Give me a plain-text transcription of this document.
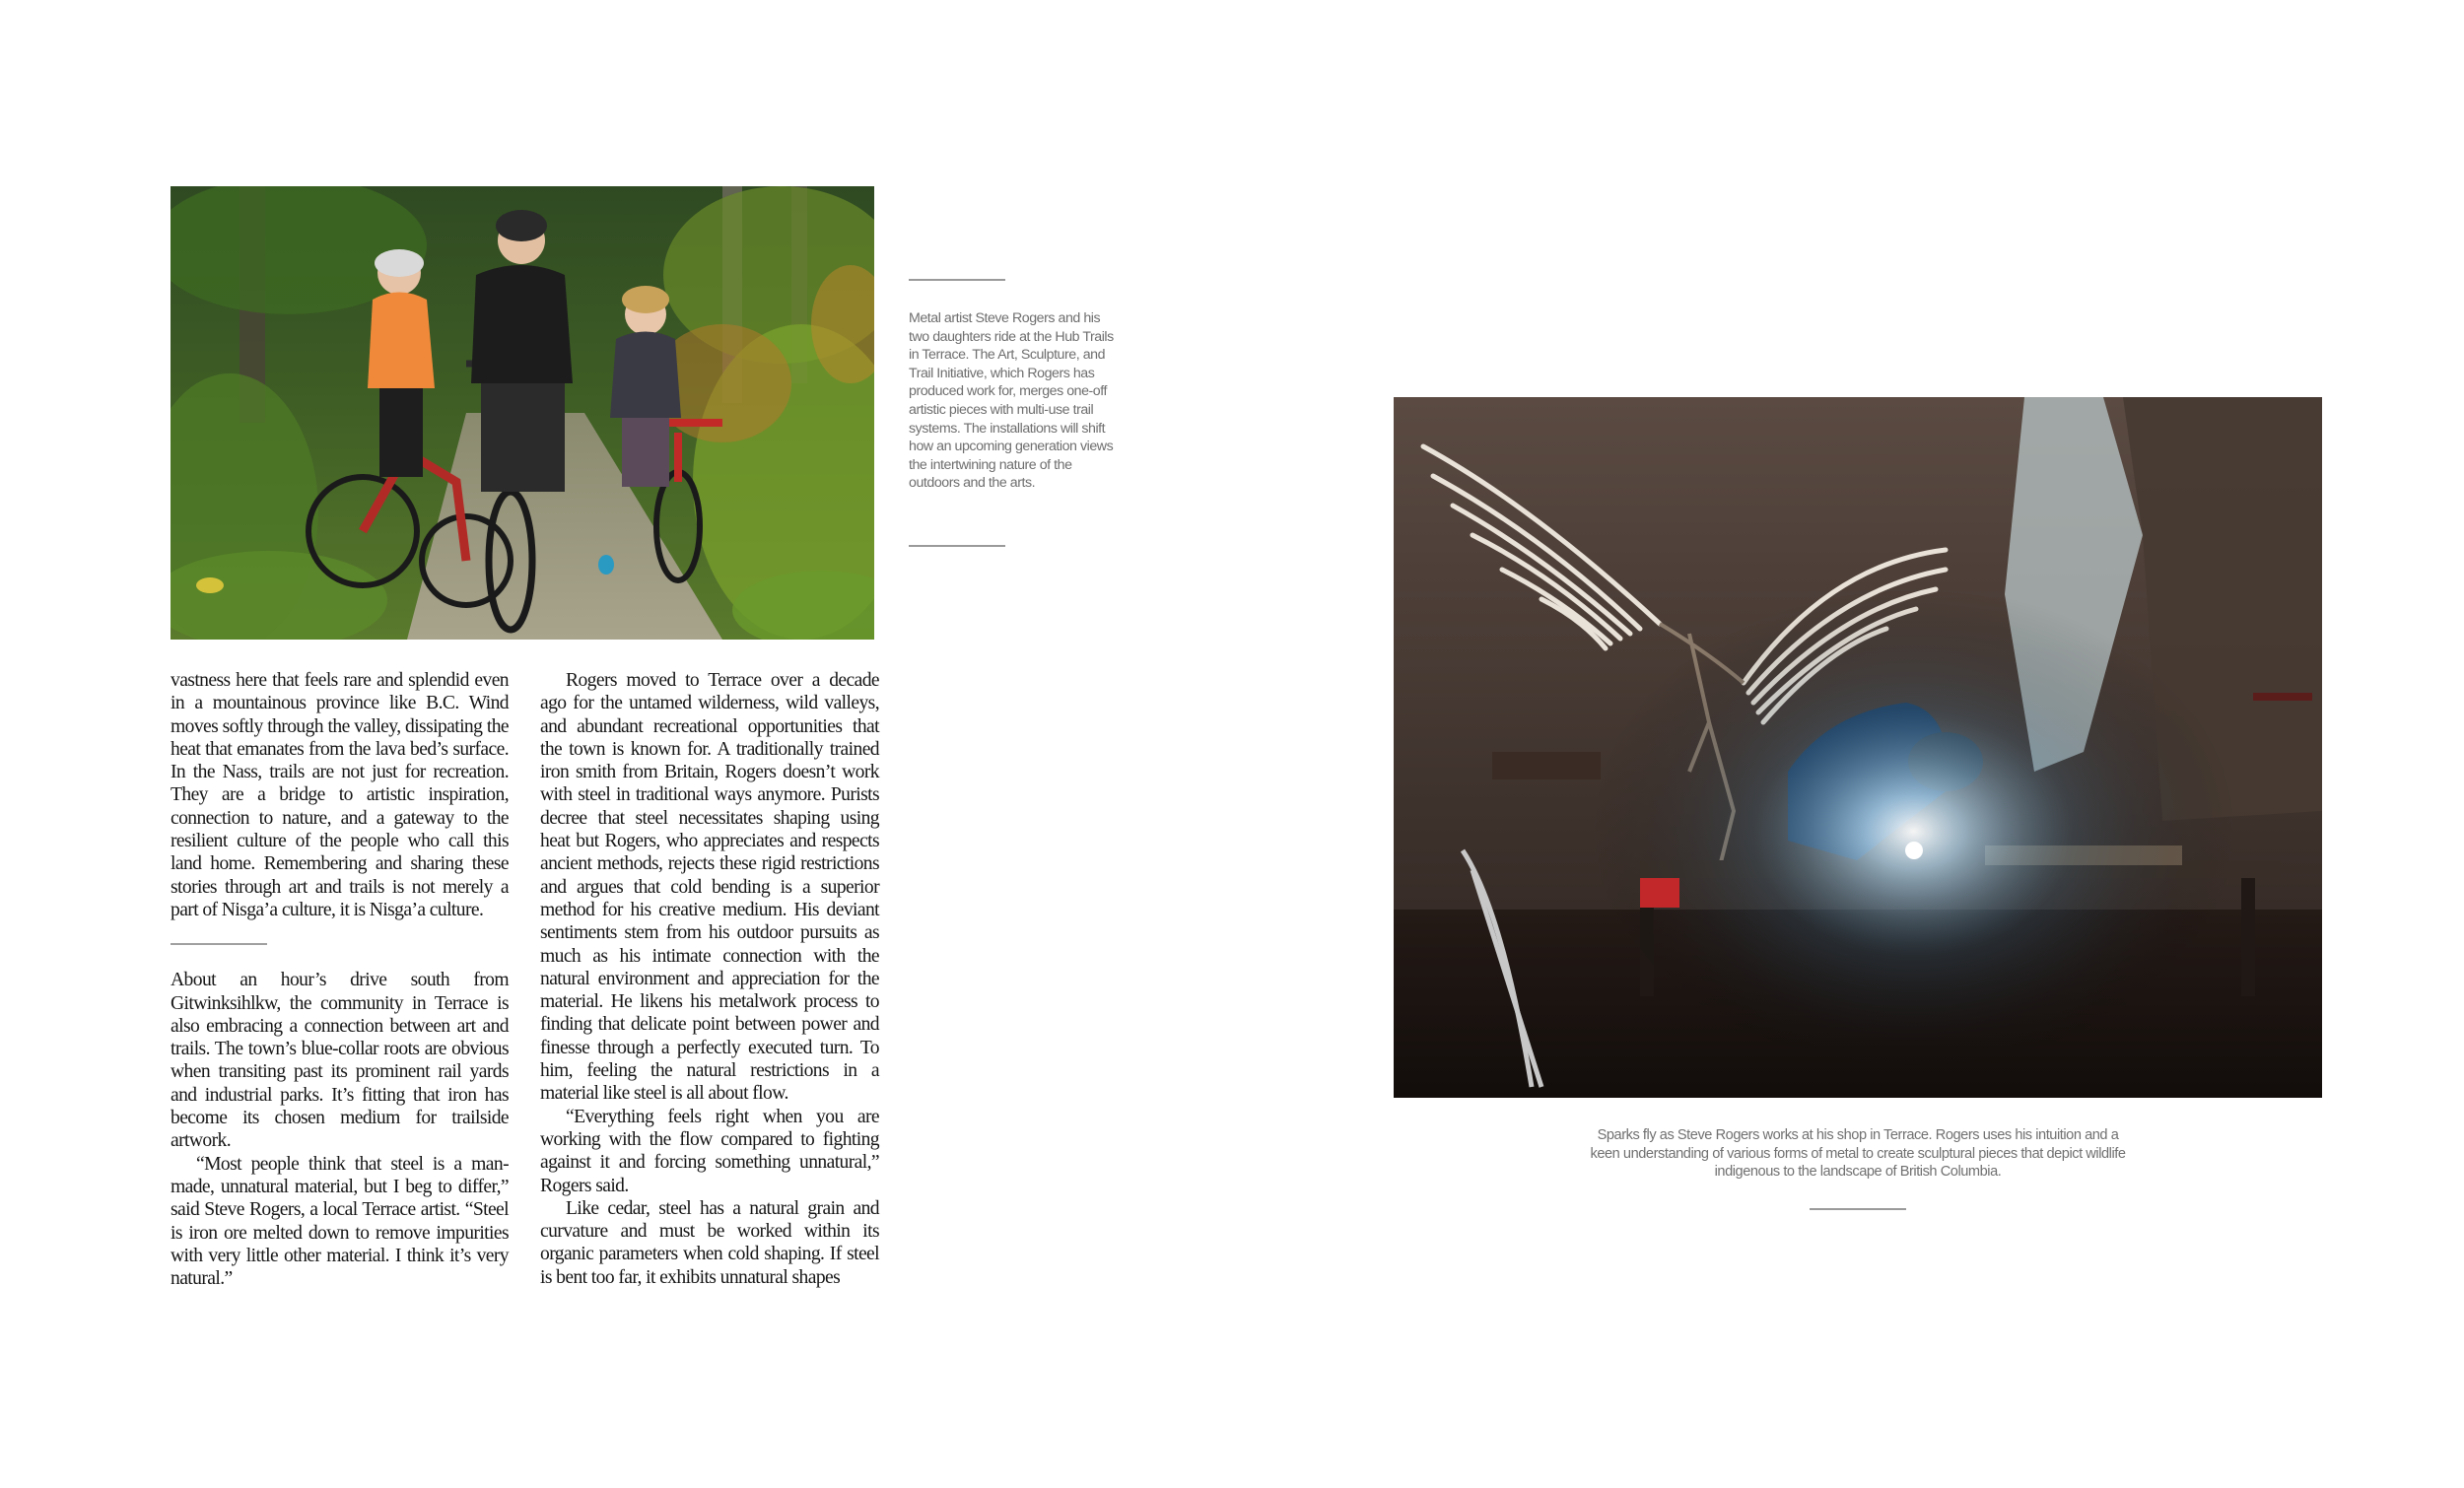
Metal artist Steve Rogers and his two daughters ride at the Hub Trails in Terrace. The Art, Sculpture, and Trail Initiative, which Rogers has produced work for, merges one-off artistic pieces with multi-use trail systems. The installations will shift how an upcoming generation views the intertwining nature of the outdoors and the arts.

vastness here that feels rare and splendid even in a mountainous province like B.C. Wind moves softly through the valley, dissipating the heat that emanates from the lava bed’s surface. In the Nass, trails are not just for recreation. They are a bridge to artistic inspiration, connection to nature, and a gateway to the resilient culture of the people who call this land home. Remembering and sharing these stories through art and trails is not merely a part of Nisga’a culture, it is Nisga’a culture.

About an hour’s drive south from Gitwinksihlkw, the community in Terrace is also embracing a connection between art and trails. The town’s blue-collar roots are obvious when transiting past its prominent rail yards and industrial parks. It’s fitting that iron has become its chosen medium for trailside artwork.

“Most people think that steel is a man-made, unnatural material, but I beg to differ,” said Steve Rogers, a local Terrace artist. “Steel is iron ore melted down to remove impurities with very little other material. I think it’s very natural.”

Rogers moved to Terrace over a decade ago for the untamed wilderness, wild valleys, and abundant recreational opportunities that the town is known for. A traditionally trained iron smith from Britain, Rogers doesn’t work with steel in traditional ways anymore. Purists decree that steel necessitates shaping using heat but Rogers, who appreciates and respects ancient methods, rejects these rigid restrictions and argues that cold bending is a superior method for his creative medium. His deviant sentiments stem from his outdoor pursuits as much as his intimate connection with the natural environment and appreciation for the material. He likens his metalwork process to finding that delicate point between power and finesse through a perfectly executed turn. To him, feeling the natural restrictions in a material like steel is all about flow.

“Everything feels right when you are working with the flow compared to fighting against it and forcing something unnatural,” Rogers said.

Like cedar, steel has a natural grain and curvature and must be worked within its organic parameters when cold shaping. If steel is bent too far, it exhibits unnatural shapes

Sparks fly as Steve Rogers works at his shop in Terrace. Rogers uses his intuition and a keen understanding of various forms of metal to create sculptural pieces that depict wildlife indigenous to the landscape of British Columbia.
